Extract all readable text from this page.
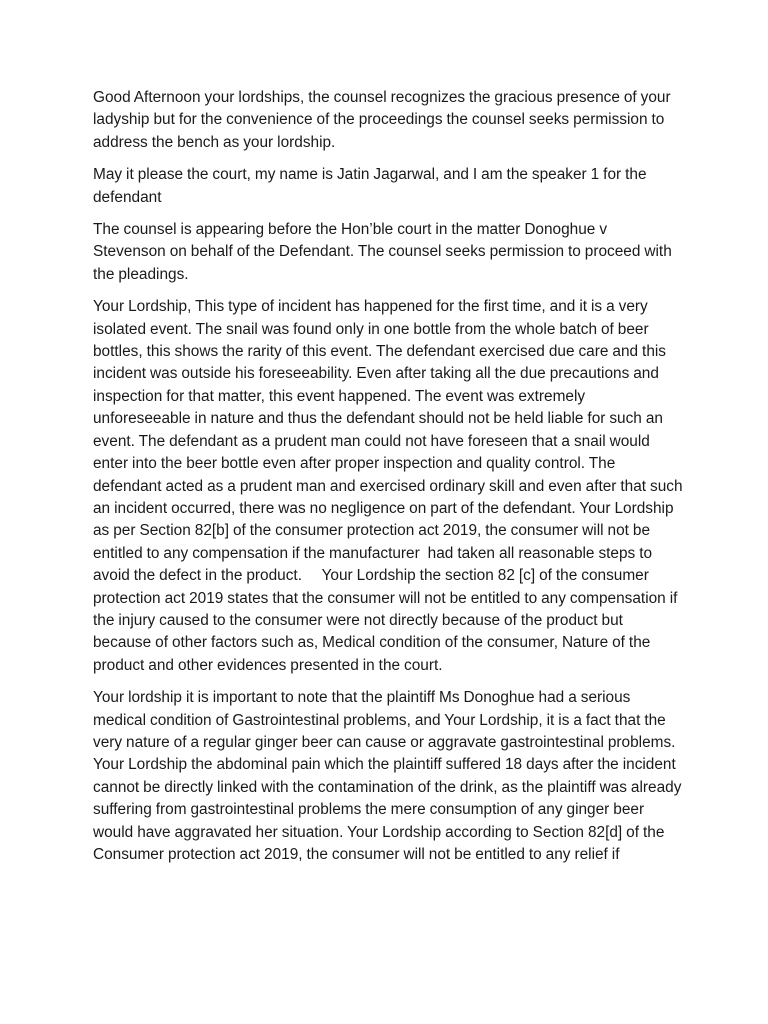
Good Afternoon your lordships, the counsel recognizes the gracious presence of your ladyship but for the convenience of the proceedings the counsel seeks permission to address the bench as your lordship.

May it please the court, my name is Jatin Jagarwal, and I am the speaker 1 for the defendant

The counsel is appearing before the Hon’ble court in the matter Donoghue v Stevenson on behalf of the Defendant. The counsel seeks permission to proceed with the pleadings.

Your Lordship, This type of incident has happened for the first time, and it is a very isolated event. The snail was found only in one bottle from the whole batch of beer bottles, this shows the rarity of this event. The defendant exercised due care and this incident was outside his foreseeability. Even after taking all the due precautions and inspection for that matter, this event happened. The event was extremely  unforeseeable in nature and thus the defendant should not be held liable for such an event. The defendant as a prudent man could not have foreseen that a snail would enter into the beer bottle even after proper inspection and quality control. The defendant acted as a prudent man and exercised ordinary skill and even after that such an incident occurred, there was no negligence on part of the defendant. Your Lordship as per Section 82[b] of the consumer protection act 2019, the consumer will not be entitled to any compensation if the manufacturer  had taken all reasonable steps to avoid the defect in the product.     Your Lordship the section 82 [c] of the consumer protection act 2019 states that the consumer will not be entitled to any compensation if the injury caused to the consumer were not directly because of the product but because of other factors such as, Medical condition of the consumer, Nature of the product and other evidences presented in the court.

Your lordship it is important to note that the plaintiff Ms Donoghue had a serious medical condition of Gastrointestinal problems, and Your Lordship, it is a fact that the very nature of a regular ginger beer can cause or aggravate gastrointestinal problems. Your Lordship the abdominal pain which the plaintiff suffered 18 days after the incident cannot be directly linked with the contamination of the drink, as the plaintiff was already suffering from gastrointestinal problems the mere consumption of any ginger beer would have aggravated her situation. Your Lordship according to Section 82[d] of the Consumer protection act 2019, the consumer will not be entitled to any relief if
